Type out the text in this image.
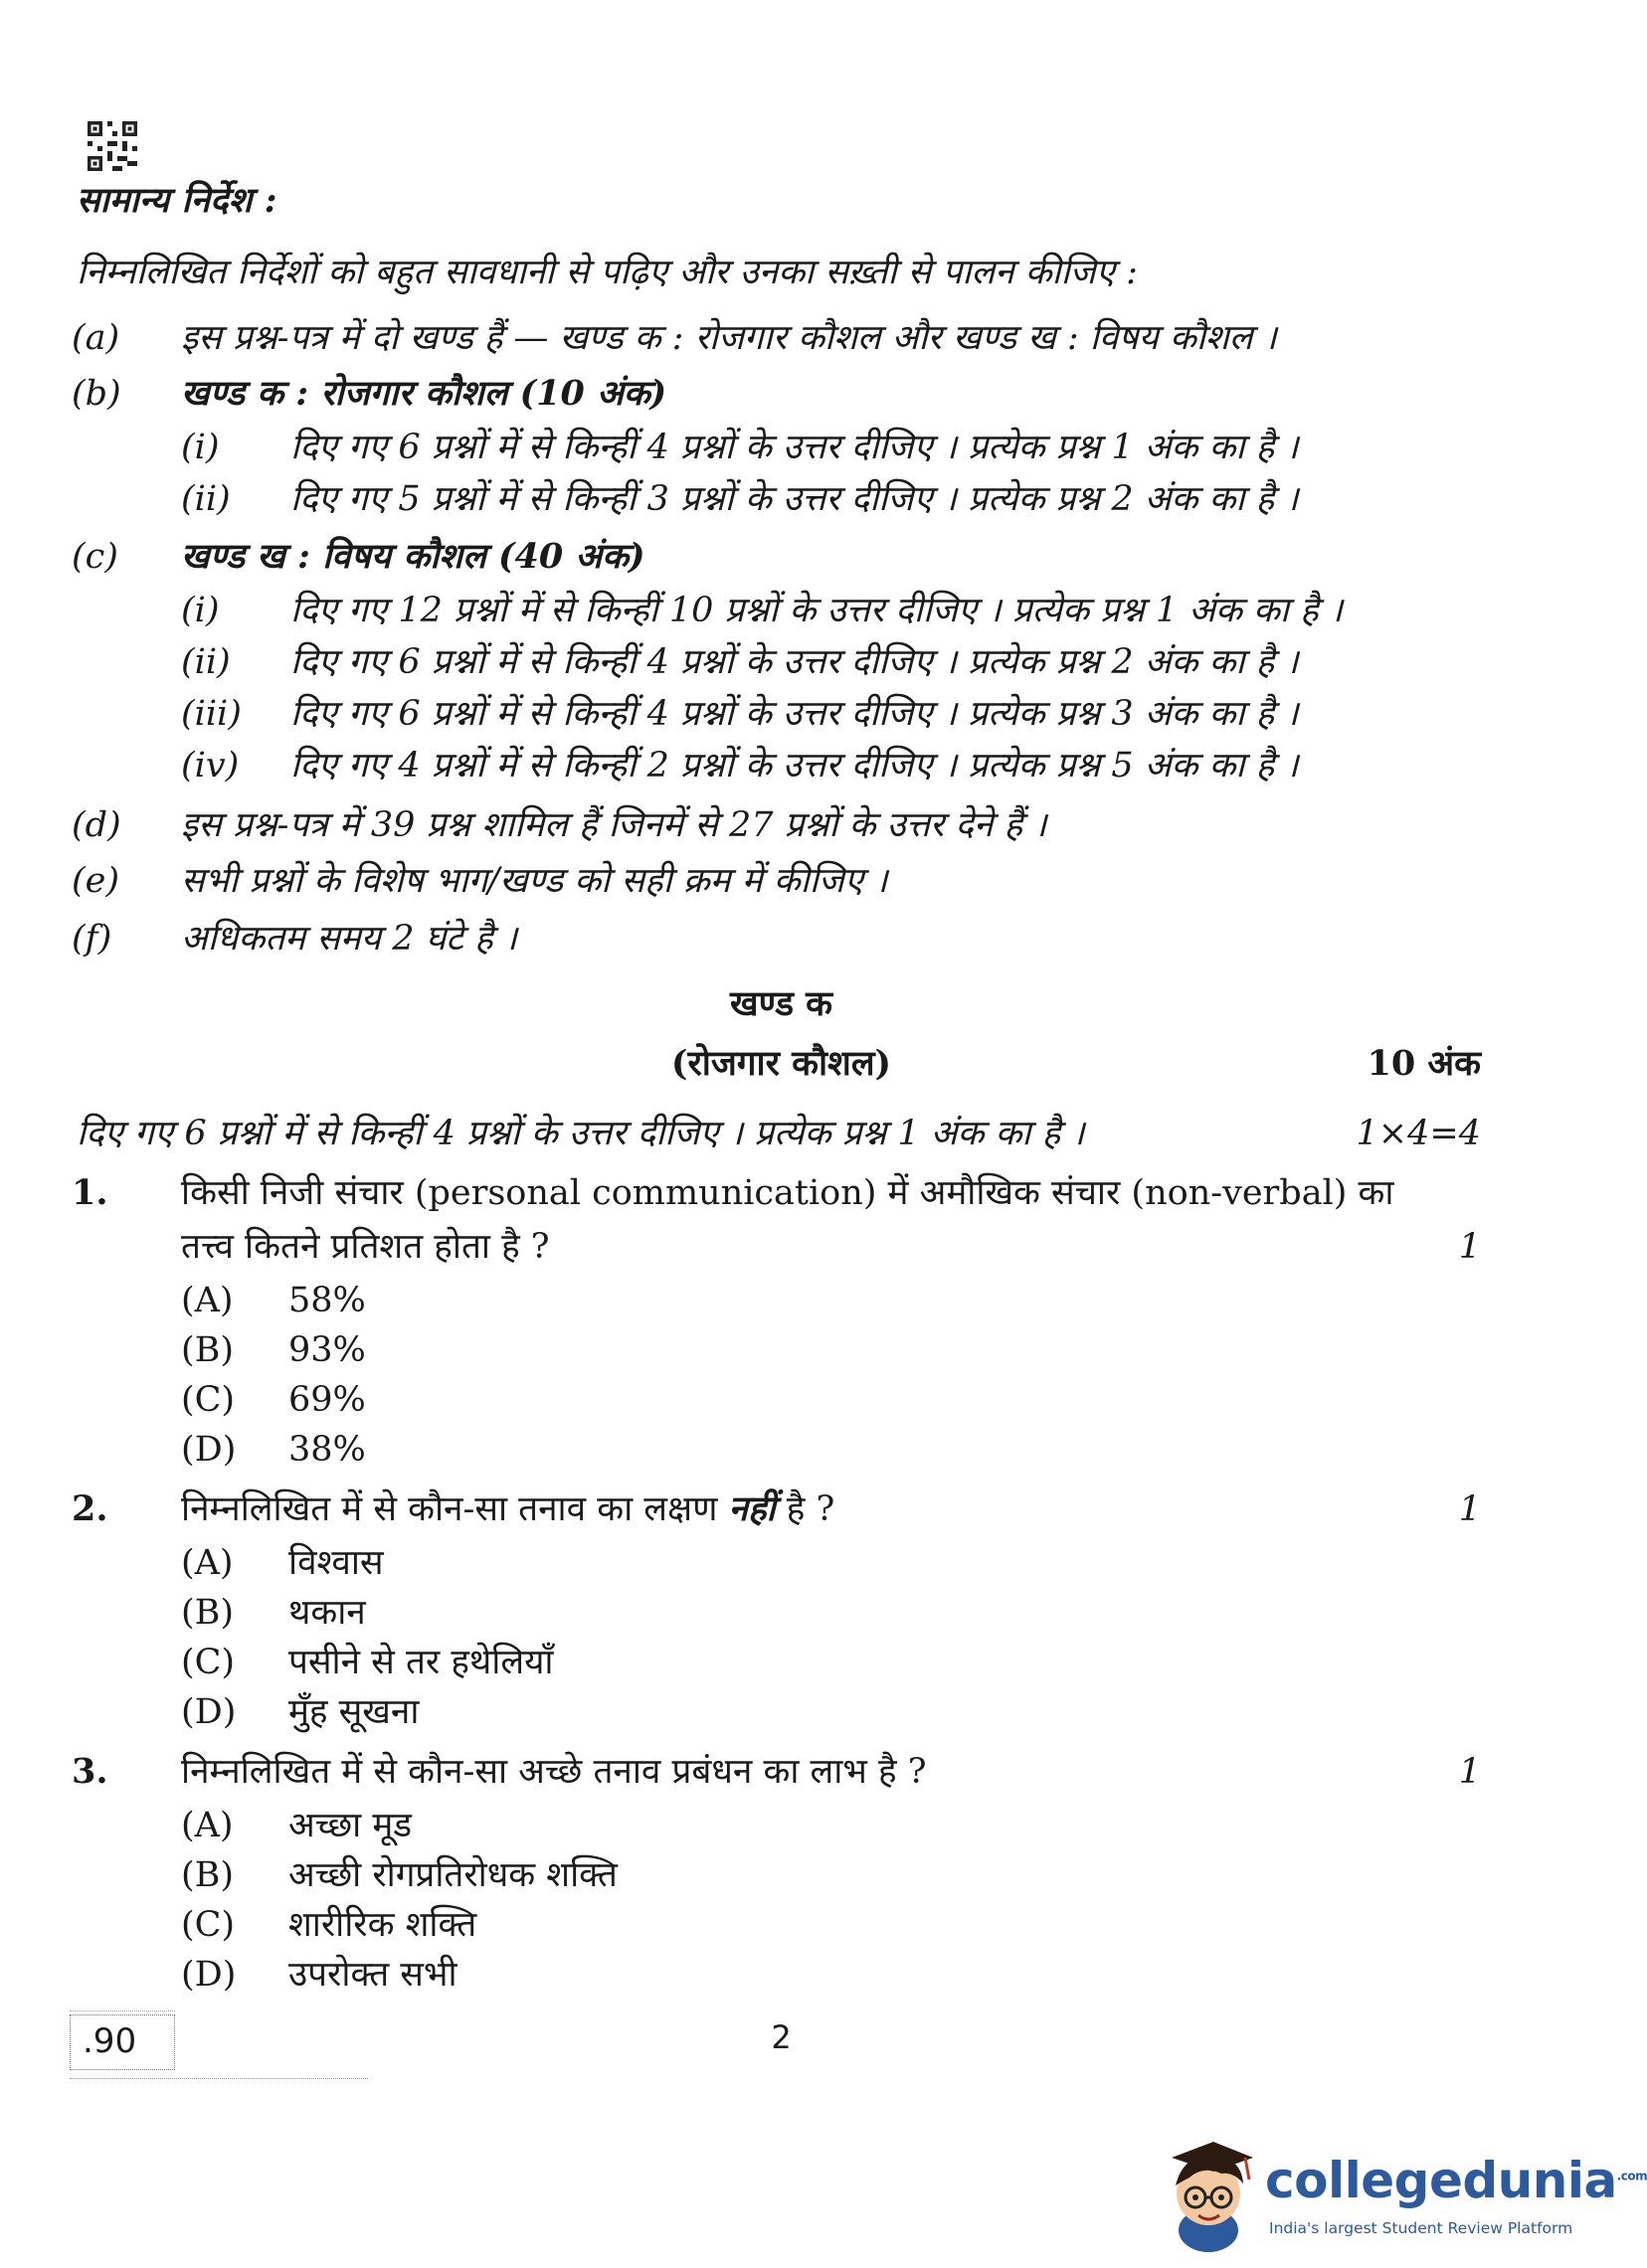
सामान्य निर्देश :
निम्नलिखित निर्देशों को बहुत सावधानी से पढ़िए और उनका सख़्ती से पालन कीजिए :
(a)	इस प्रश्न-पत्र में दो खण्ड हैं — खण्ड क : रोजगार कौशल और खण्ड ख : विषय कौशल ।
(b)	खण्ड क : रोजगार कौशल (10 अंक)
(i)	दिए गए 6 प्रश्नों में से किन्हीं 4 प्रश्नों के उत्तर दीजिए । प्रत्येक प्रश्न 1 अंक का है ।
(ii)	दिए गए 5 प्रश्नों में से किन्हीं 3 प्रश्नों के उत्तर दीजिए । प्रत्येक प्रश्न 2 अंक का है ।
(c)	खण्ड ख : विषय कौशल (40 अंक)
(i)	दिए गए 12 प्रश्नों में से किन्हीं 10 प्रश्नों के उत्तर दीजिए । प्रत्येक प्रश्न 1 अंक का है ।
(ii)	दिए गए 6 प्रश्नों में से किन्हीं 4 प्रश्नों के उत्तर दीजिए । प्रत्येक प्रश्न 2 अंक का है ।
(iii)	दिए गए 6 प्रश्नों में से किन्हीं 4 प्रश्नों के उत्तर दीजिए । प्रत्येक प्रश्न 3 अंक का है ।
(iv)	दिए गए 4 प्रश्नों में से किन्हीं 2 प्रश्नों के उत्तर दीजिए । प्रत्येक प्रश्न 5 अंक का है ।
(d)	इस प्रश्न-पत्र में 39 प्रश्न शामिल हैं जिनमें से 27 प्रश्नों के उत्तर देने हैं ।
(e)	सभी प्रश्नों के विशेष भाग/खण्ड को सही क्रम में कीजिए ।
(f)	अधिकतम समय 2 घंटे है ।
खण्ड क
(रोजगार कौशल)	10 अंक
दिए गए 6 प्रश्नों में से किन्हीं 4 प्रश्नों के उत्तर दीजिए । प्रत्येक प्रश्न 1 अंक का है ।	1×4=4
1.	किसी निजी संचार (personal communication) में अमौखिक संचार (non-verbal) का
तत्त्व कितने प्रतिशत होता है ?	1
(A)	58%
(B)	93%
(C)	69%
(D)	38%
2.	निम्नलिखित में से कौन-सा तनाव का लक्षण नहीं है ?	1
(A)	विश्वास
(B)	थकान
(C)	पसीने से तर हथेलियाँ
(D)	मुँह सूखना
3.	निम्नलिखित में से कौन-सा अच्छे तनाव प्रबंधन का लाभ है ?	1
(A)	अच्छा मूड
(B)	अच्छी रोगप्रतिरोधक शक्ति
(C)	शारीरिक शक्ति
(D)	उपरोक्त सभी
.90	2
collegedunia$^{.com}$
India's largest Student Review Platform
